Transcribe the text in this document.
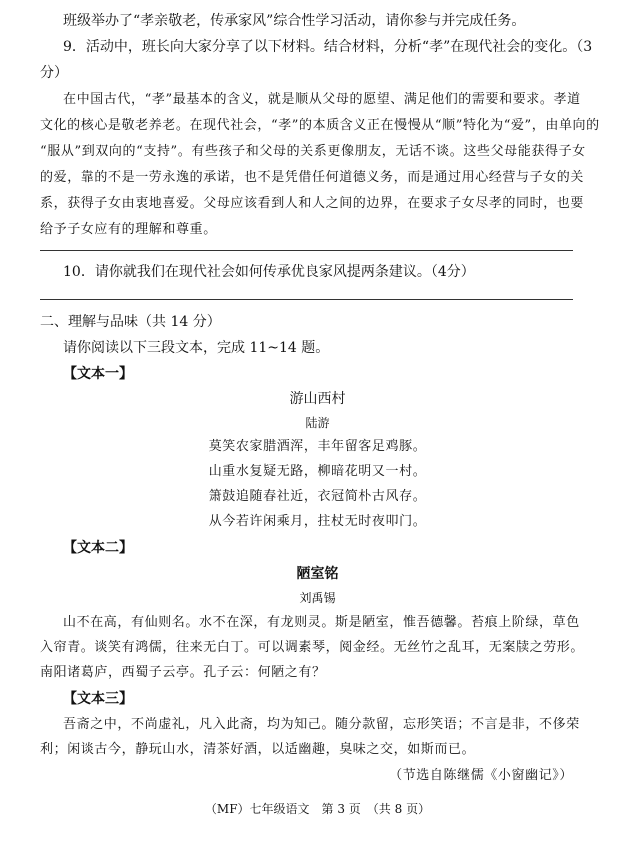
班级举办了“孝亲敬老，传承家风”综合性学习活动，请你参与并完成任务。
9．活动中，班长向大家分享了以下材料。结合材料，分析“孝”在现代社会的变化。（3
分）
在中国古代，“孝”最基本的含义，就是顺从父母的愿望、满足他们的需要和要求。孝道
文化的核心是敬老养老。在现代社会，“孝”的本质含义正在慢慢从“顺”特化为“爱”，由单向的
“服从”到双向的“支持”。有些孩子和父母的关系更像朋友，无话不谈。这些父母能获得子女
的爱，靠的不是一劳永逸的承诺，也不是凭借任何道德义务，而是通过用心经营与子女的关
系，获得子女由衷地喜爱。父母应该看到人和人之间的边界，在要求子女尽孝的同时，也要
给予子女应有的理解和尊重。
10．请你就我们在现代社会如何传承优良家风提两条建议。（4分）
二、理解与品味（共 14 分）
请你阅读以下三段文本，完成 11~14 题。
【文本一】
游山西村
陆游
莫笑农家腊酒浑，丰年留客足鸡豚。
山重水复疑无路，柳暗花明又一村。
箫鼓追随春社近，衣冠简朴古风存。
从今若许闲乘月，拄杖无时夜叩门。
【文本二】
陋室铭
刘禹锡
山不在高，有仙则名。水不在深，有龙则灵。斯是陋室，惟吾德馨。苔痕上阶绿，草色
入帘青。谈笑有鸿儒，往来无白丁。可以调素琴，阅金经。无丝竹之乱耳，无案牍之劳形。
南阳诸葛庐，西蜀子云亭。孔子云：何陋之有？
【文本三】
吾斋之中，不尚虚礼，凡入此斋，均为知己。随分款留，忘形笑语；不言是非，不侈荣
利；闲谈古今，静玩山水，清茶好酒，以适幽趣，臭味之交，如斯而已。
（节选自陈继儒《小窗幽记》）
（MF）七年级语文　第 3 页　（共 8 页）
